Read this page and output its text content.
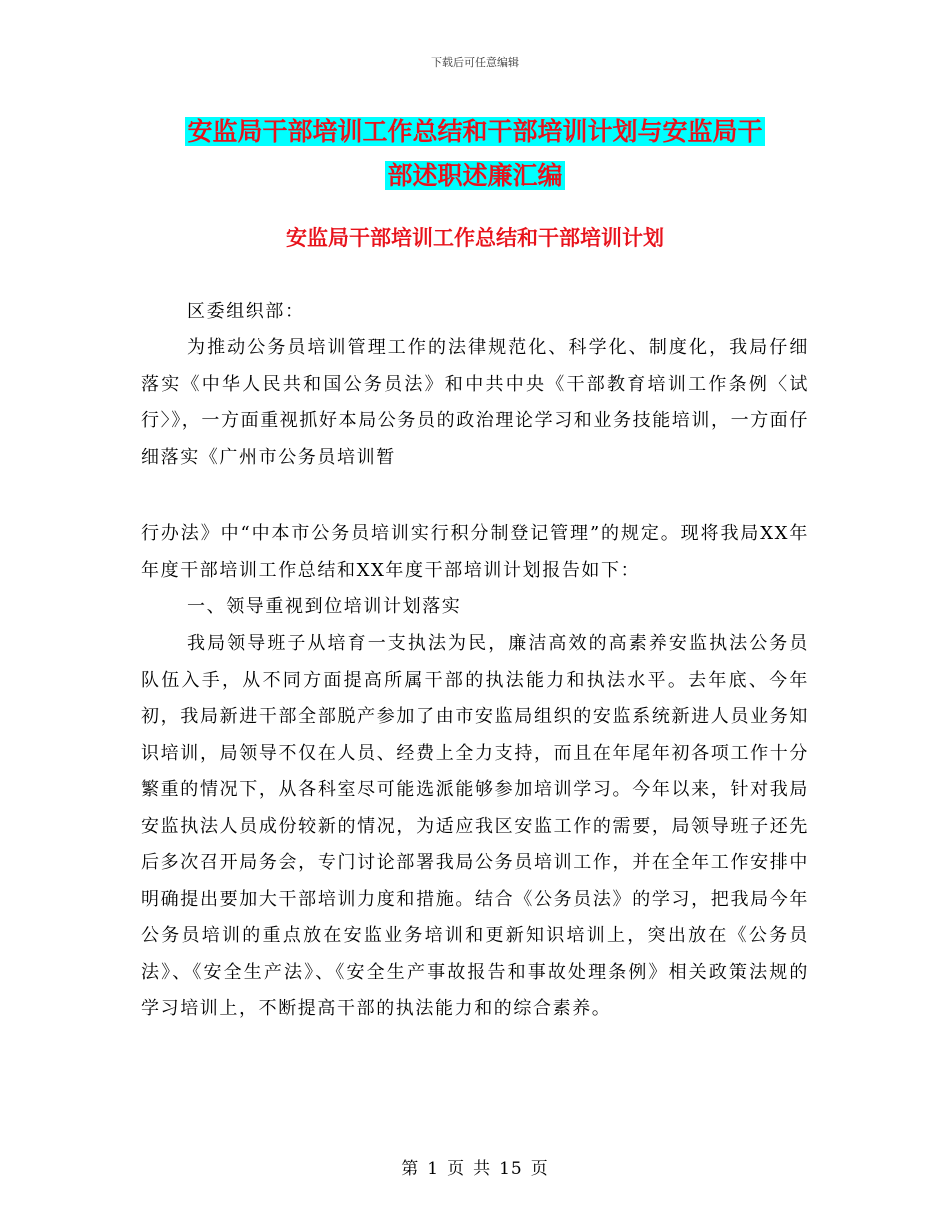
下载后可任意编辑
安监局干部培训工作总结和干部培训计划与安监局干
部述职述廉汇编
安监局干部培训工作总结和干部培训计划

区委组织部：

为推动公务员培训管理工作的法律规范化、科学化、制度化，我局仔细落实《中华人民共和国公务员法》和中共中央《干部教育培训工作条例〈试行〉》，一方面重视抓好本局公务员的政治理论学习和业务技能培训，一方面仔细落实《广州市公务员培训暂

行办法》中“中本市公务员培训实行积分制登记管理”的规定。现将我局XX年年度干部培训工作总结和XX年度干部培训计划报告如下：

一、领导重视到位培训计划落实

我局领导班子从培育一支执法为民，廉洁高效的高素养安监执法公务员队伍入手，从不同方面提高所属干部的执法能力和执法水平。去年底、今年初，我局新进干部全部脱产参加了由市安监局组织的安监系统新进人员业务知识培训，局领导不仅在人员、经费上全力支持，而且在年尾年初各项工作十分繁重的情况下，从各科室尽可能选派能够参加培训学习。今年以来，针对我局安监执法人员成份较新的情况，为适应我区安监工作的需要，局领导班子还先后多次召开局务会，专门讨论部署我局公务员培训工作，并在全年工作安排中明确提出要加大干部培训力度和措施。结合《公务员法》的学习，把我局今年公务员培训的重点放在安监业务培训和更新知识培训上，突出放在《公务员法》、《安全生产法》、《安全生产事故报告和事故处理条例》相关政策法规的学习培训上，不断提高干部的执法能力和的综合素养。

第 1 页 共 15 页
